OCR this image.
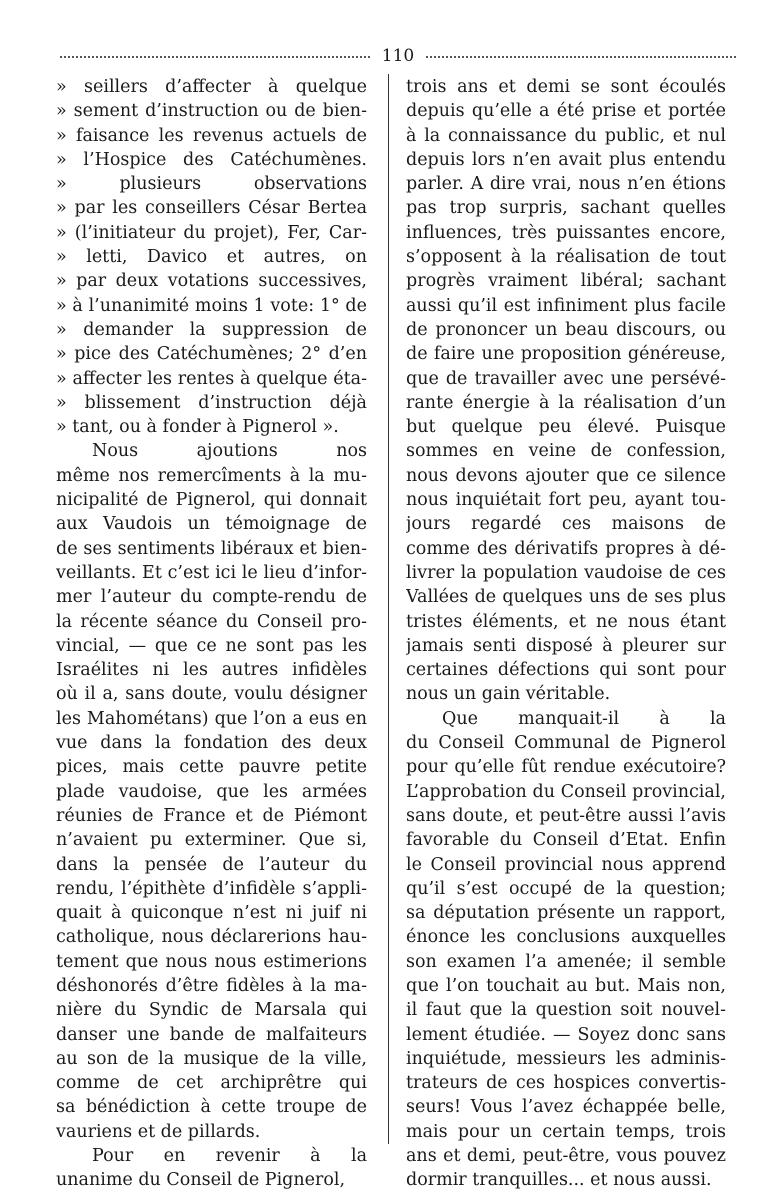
110
» seillers d’affecter à quelque
» sement d’instruction ou de bien-
» faisance les revenus actuels de
» l’Hospice des Catéchumènes.
» plusieurs observations
» par les conseillers César Bertea
» (l’initiateur du projet), Fer, Car-
» letti, Davico et autres, on
» par deux votations successives,
» à l’unanimité moins 1 vote: 1° de
» demander la suppression de
» pice des Catéchumènes; 2° d’en
» affecter les rentes à quelque éta-
» blissement d’instruction déjà
» tant, ou à fonder à Pignerol ».
Nous ajoutions nos
même nos remercîments à la mu-
nicipalité de Pignerol, qui donnait
aux Vaudois un témoignage de
de ses sentiments libéraux et bien-
veillants. Et c’est ici le lieu d’infor-
mer l’auteur du compte-rendu de
la récente séance du Conseil pro-
vincial, — que ce ne sont pas les
Israélites ni les autres infidèles
où il a, sans doute, voulu désigner
les Mahométans) que l’on a eus en
vue dans la fondation des deux
pices, mais cette pauvre petite
plade vaudoise, que les armées
réunies de France et de Piémont
n’avaient pu exterminer. Que si,
dans la pensée de l’auteur du
rendu, l’épithète d’infidèle s’appli-
quait à quiconque n’est ni juif ni
catholique, nous déclarerions hau-
tement que nous nous estimerions
déshonorés d’être fidèles à la ma-
nière du Syndic de Marsala qui
danser une bande de malfaiteurs
au son de la musique de la ville,
comme de cet archiprêtre qui
sa bénédiction à cette troupe de
vauriens et de pillards.
Pour en revenir à la
unanime du Conseil de Pignerol,
trois ans et demi se sont écoulés
depuis qu’elle a été prise et portée
à la connaissance du public, et nul
depuis lors n’en avait plus entendu
parler. A dire vrai, nous n’en étions
pas trop surpris, sachant quelles
influences, très puissantes encore,
s’opposent à la réalisation de tout
progrès vraiment libéral; sachant
aussi qu’il est infiniment plus facile
de prononcer un beau discours, ou
de faire une proposition généreuse,
que de travailler avec une persévé-
rante énergie à la réalisation d’un
but quelque peu élevé. Puisque
sommes en veine de confession,
nous devons ajouter que ce silence
nous inquiétait fort peu, ayant tou-
jours regardé ces maisons de
comme des dérivatifs propres à dé-
livrer la population vaudoise de ces
Vallées de quelques uns de ses plus
tristes éléments, et ne nous étant
jamais senti disposé à pleurer sur
certaines défections qui sont pour
nous un gain véritable.
Que manquait-il à la
du Conseil Communal de Pignerol
pour qu’elle fût rendue exécutoire?
L’approbation du Conseil provincial,
sans doute, et peut-être aussi l’avis
favorable du Conseil d’Etat. Enfin
le Conseil provincial nous apprend
qu’il s’est occupé de la question;
sa députation présente un rapport,
énonce les conclusions auxquelles
son examen l’a amenée; il semble
que l’on touchait au but. Mais non,
il faut que la question soit nouvel-
lement étudiée. — Soyez donc sans
inquiétude, messieurs les adminis-
trateurs de ces hospices convertis-
seurs! Vous l’avez échappée belle,
mais pour un certain temps, trois
ans et demi, peut-être, vous pouvez
dormir tranquilles... et nous aussi.
